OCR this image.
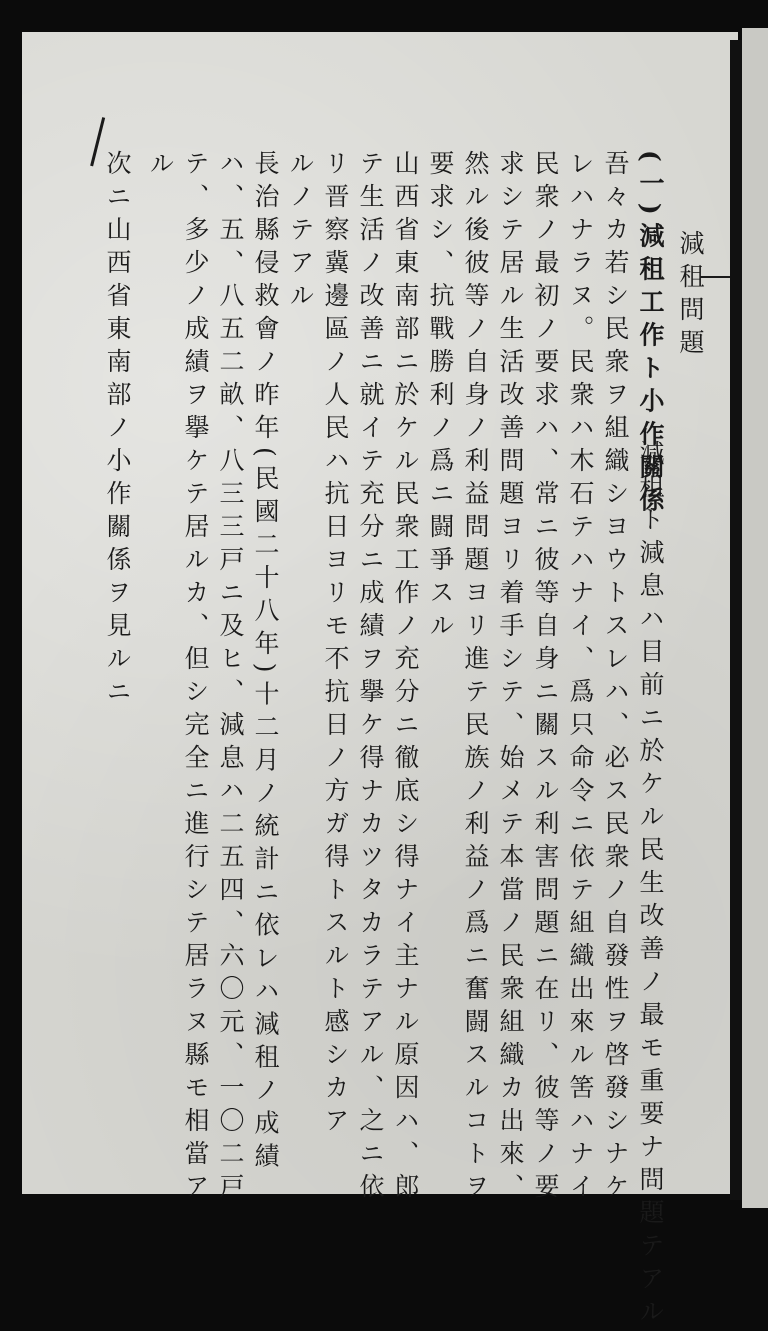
減租問題
(一)減租工作ト小作關係
減租ト減息ハ目前ニ於ケル民生改善ノ最モ重要ナ問題テアル
吾々カ若シ民衆ヲ組織シヨウトスレハ、必ス民衆ノ自發性ヲ啓發シナケ
レハナラヌ。民衆ハ木石テハナイ、爲只命令ニ依テ組織出來ル筈ハナイ
民衆ノ最初ノ要求ハ、常ニ彼等自身ニ關スル利害問題ニ在リ、彼等ノ要
求シテ居ル生活改善問題ヨリ着手シテ、始メテ本當ノ民衆組織カ出來、
然ル後彼等ノ自身ノ利益問題ヨリ進テ民族ノ利益ノ爲ニ奮闘スルコトヲ
要求シ、抗戰勝利ノ爲ニ闘爭スル
山西省東南部ニ於ケル民衆工作ノ充分ニ徹底シ得ナイ主ナル原因ハ、郎
テ生活ノ改善ニ就イテ充分ニ成績ヲ擧ケ得ナカツタカラテアル、之ニ依
リ晋察冀邊區ノ人民ハ抗日ヨリモ不抗日ノ方ガ得トスルト感シカア
ルノテアル
長治縣侵救會ノ昨年(民國二十八年)十二月ノ統計ニ依レハ減租ノ成績
ハ、五、八五二畝、八三三戸ニ及ヒ、減息ハ二五四、六〇元、一〇二戸
テ、多少ノ成績ヲ擧ケテ居ルカ、但シ完全ニ進行シテ居ラヌ縣モ相當ア
ル
次ニ山西省東南部ノ小作關係ヲ見ルニ
